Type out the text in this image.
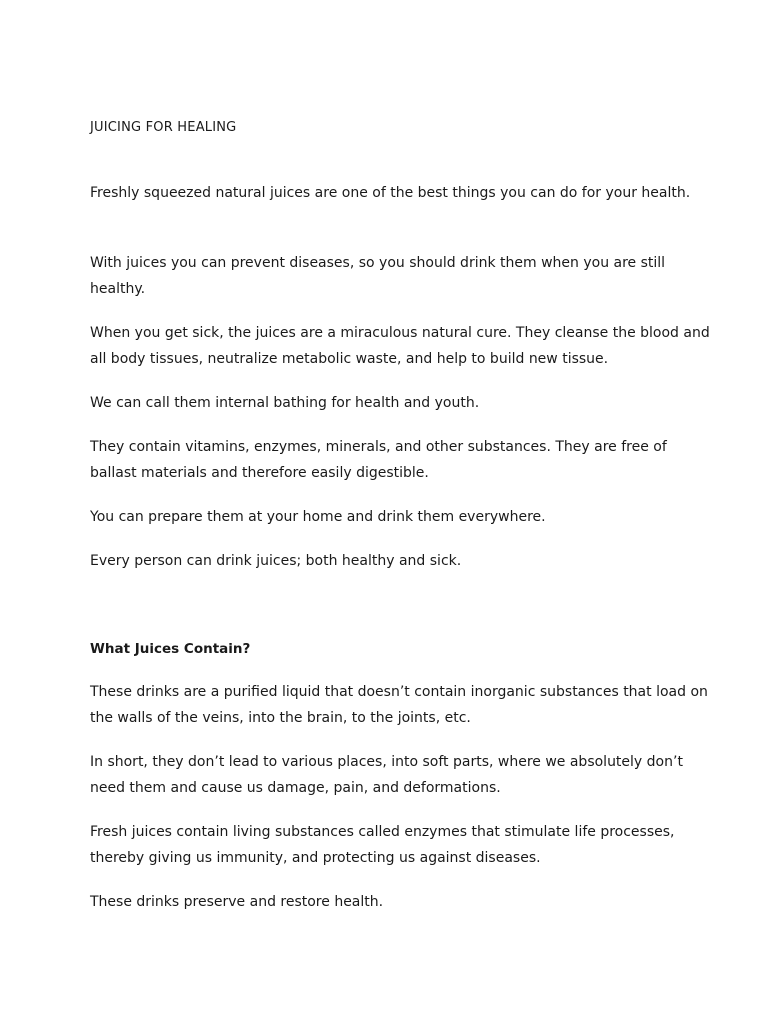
JUICING FOR HEALING

Freshly squeezed natural juices are one of the best things you can do for your health.

With juices you can prevent diseases, so you should drink them when you are still healthy.

When you get sick, the juices are a miraculous natural cure. They cleanse the blood and all body tissues, neutralize metabolic waste, and help to build new tissue.

We can call them internal bathing for health and youth.

They contain vitamins, enzymes, minerals, and other substances. They are free of ballast materials and therefore easily digestible.

You can prepare them at your home and drink them everywhere.

Every person can drink juices; both healthy and sick.

What Juices Contain?

These drinks are a purified liquid that doesn’t contain inorganic substances that load on the walls of the veins, into the brain, to the joints, etc.

In short, they don’t lead to various places, into soft parts, where we absolutely don’t need them and cause us damage, pain, and deformations.

Fresh juices contain living substances called enzymes that stimulate life processes, thereby giving us immunity, and protecting us against diseases.

These drinks preserve and restore health.
